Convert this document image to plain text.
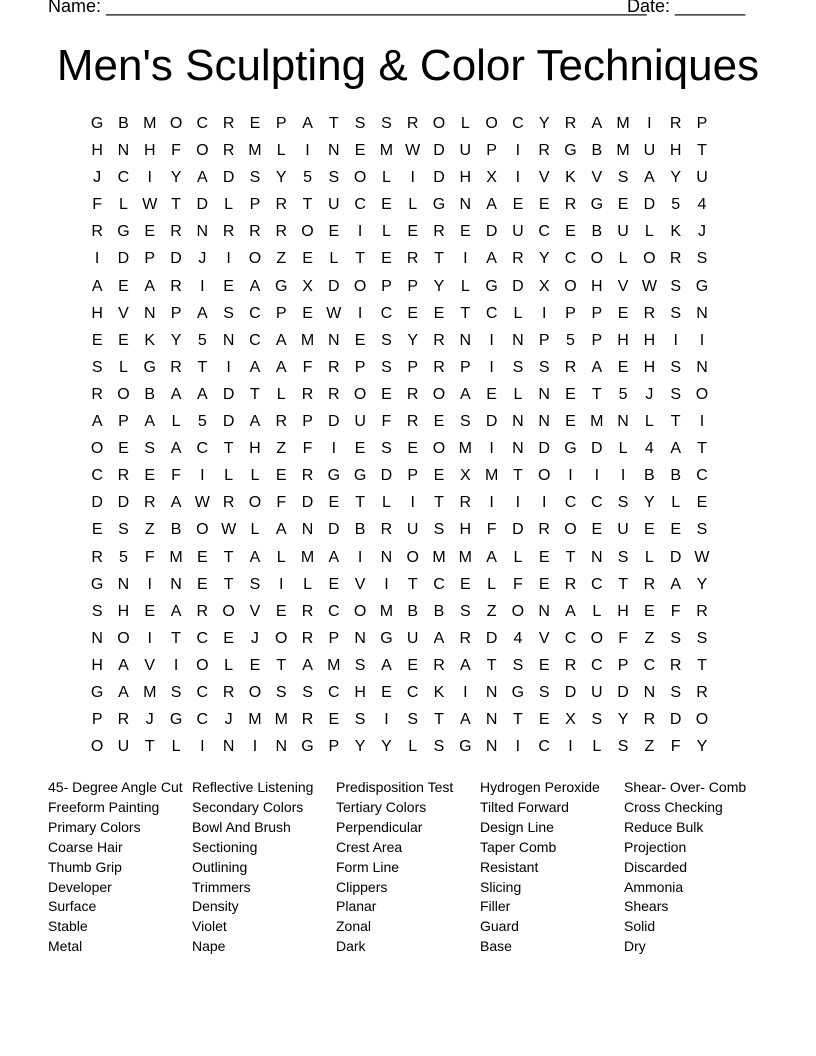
Name: ______________________________________________________
Date: _______
Men's Sculpting & Color Techniques
G B M O C R E P A	T	S S R O L O C Y R A M	I	R P
H N H F O R M L	I	N E M W D U P	I	R G B M U H T
J	C	I	Y A D S Y	5	S O L	I	D H X	I	V K V S A Y U
F	L W T D	L	P R T U C E	L G N A E E R G E D	5	4
R G E R N R R R O E	I	L	E R E D U C E B U	L	K	J
I	D P D	J	I	O Z	E	L	T	E R T	I	A R Y C O L O R S
A E A R	I	E A G X D O P P Y	L G D X O H V W S G
H V N P A S C P E W	I	C E E	T C	L	I	P P E R S N
E E K Y	5	N C A M N E S Y R N	I	N P	5	P H H	I	I
S	L G R T	I	A A	F R P S P R P	I	S S R A E H S N
R O B A A D T	L	R R O E R O A E	L	N E	T	5	J	S O
A P A	L	5	D A R P D U F R E S D N N E M N	L	T	I
O E S A C T H Z	F	I	E S E O M	I	N D G D	L	4	A	T
C R E	F	I	L	L	E R G G D P E X M T O	I	I	I	B B C
D D R A W R O F D E	T	L	I	T R	I	I	I	C C S Y	L	E
E S	Z	B O W L	A N D B R U S H F D R O E U E E S
R	5	F M E	T	A	L M A	I	N O M M A	L	E	T N S	L	D W
G N	I	N E	T	S	I	L	E V	I	T C E	L	F	E R C T R A Y
S H E A R O V E R C O M B B S	Z O N A	L	H E	F R
N O	I	T C E	J	O R P N G U A R D	4	V C O F	Z	S S
H A V	I	O L	E	T	A M S A E R A	T	S E R C P C R T
G A M S C R O S S C H E C K	I	N G S D U D N S R
P R	J	G C	J M M R E S	I	S	T	A N T	E X S Y R D O
O U T	L	I	N	I	N G P Y Y	L	S G N	I	C	I	L	S	Z	F	Y
45- Degree Angle Cut
Freeform Painting
Primary Colors
Coarse Hair
Thumb Grip
Developer
Surface
Stable
Metal
Reflective Listening
Secondary Colors
Bowl And Brush
Sectioning
Outlining
Trimmers
Density
Violet
Nape
Predisposition Test
Tertiary Colors
Perpendicular
Crest Area
Form Line
Clippers
Planar
Zonal
Dark
Hydrogen Peroxide
Tilted Forward
Design Line
Taper Comb
Resistant
Slicing
Filler
Guard
Base
Shear- Over- Comb
Cross Checking
Reduce Bulk
Projection
Discarded
Ammonia
Shears
Solid
Dry
